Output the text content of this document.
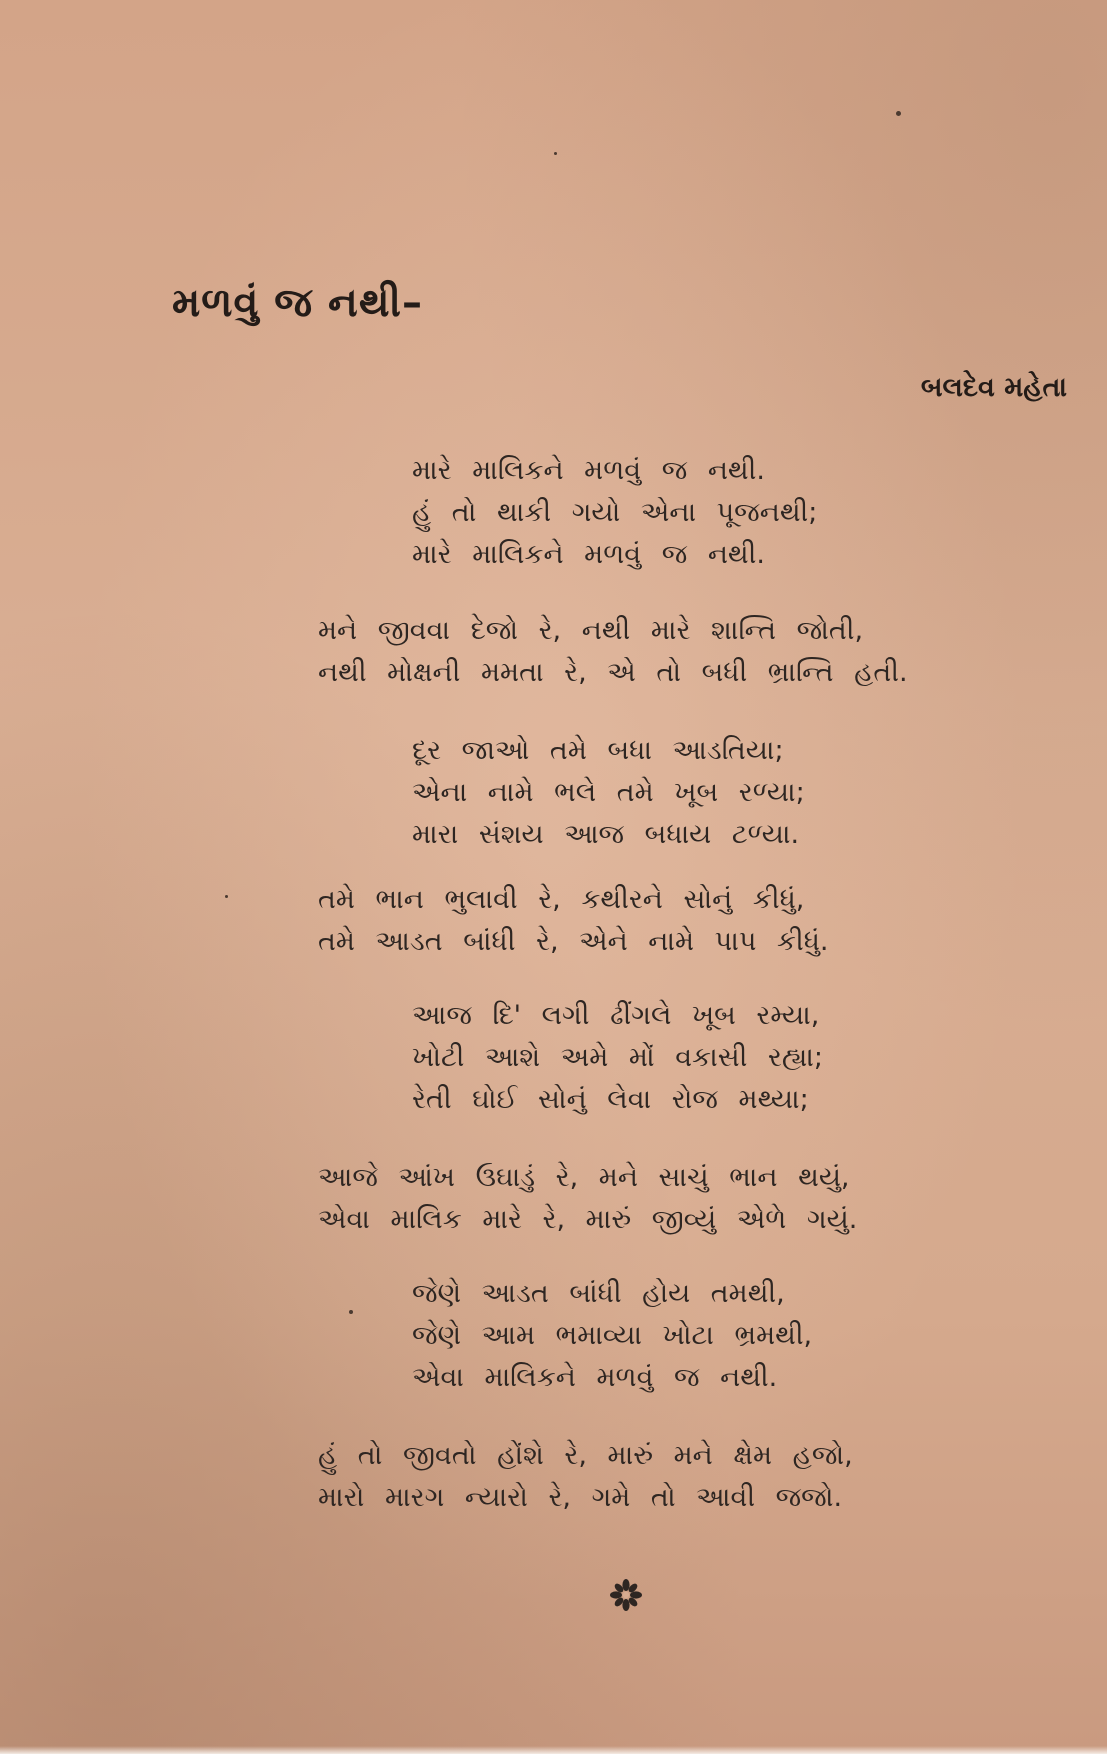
મળવું જ નથી–
બલદેવ મહેતા
મારે માલિકને મળવું જ નથી.
હું તો થાકી ગયો એના પૂજનથી;
મારે માલિકને મળવું જ નથી.
મને જીવવા દેજો રે, નથી મારે શાન્તિ જોતી,
નથી મોક્ષની મમતા રે, એ તો બધી ભ્રાન્તિ હતી.
દૂર જાઓ તમે બધા આડતિયા;
એના નામે ભલે તમે ખૂબ રળ્યા;
મારા સંશય આજ બધાય ટળ્યા.
તમે ભાન ભુલાવી રે, કથીરને સોનું કીધું,
તમે આડત બાંધી રે, એને નામે પાપ કીધું.
આજ દિ' લગી ઢીંગલે ખૂબ રમ્યા,
ખોટી આશે અમે મોં વકાસી રહ્યા;
રેતી ઘોઈ સોનું લેવા રોજ મથ્યા;
આજે આંખ ઉઘાડું રે, મને સાચું ભાન થયું,
એવા માલિક મારે રે, મારું જીવ્યું એળે ગયું.
જેણે આડત બાંધી હોય તમથી,
જેણે આમ ભમાવ્યા ખોટા ભ્રમથી,
એવા માલિકને મળવું જ નથી.
હું તો જીવતો હોંશે રે, મારું મને ક્ષેમ હજો,
મારો મારગ ન્યારો રે, ગમે તો આવી જજો.
